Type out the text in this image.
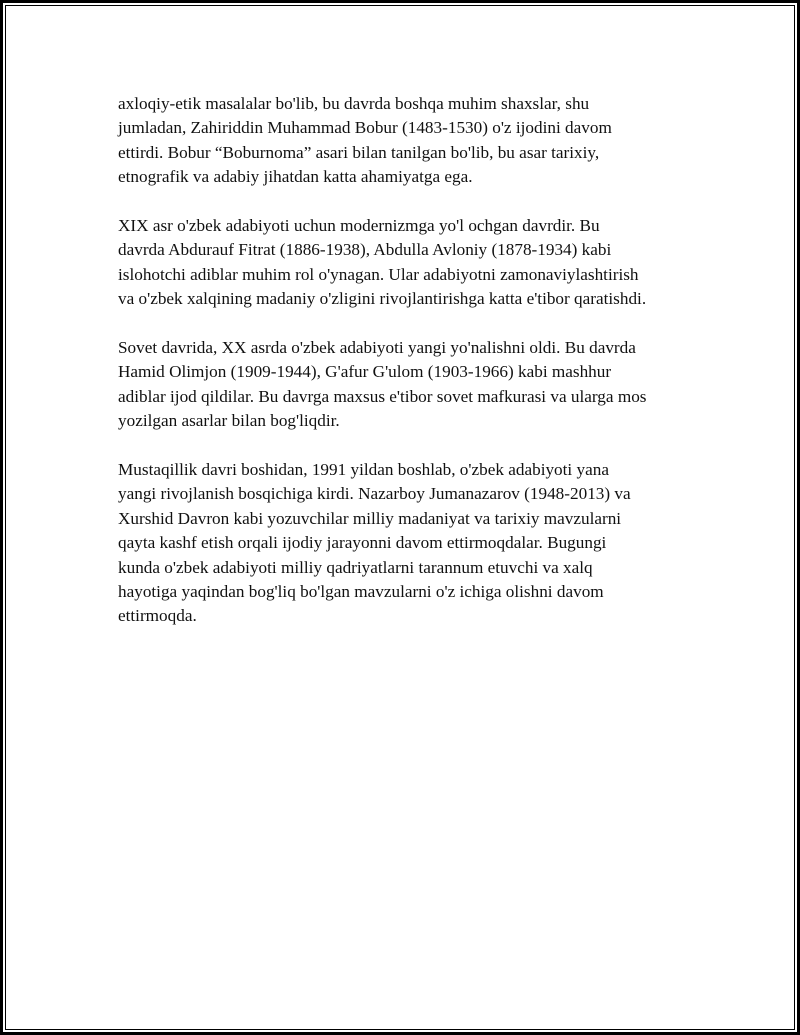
axloqiy-etik masalalar bo'lib, bu davrda boshqa muhim shaxslar, shu
jumladan, Zahiriddin Muhammad Bobur (1483-1530) o'z ijodini davom
ettirdi. Bobur “Boburnoma” asari bilan tanilgan bo'lib, bu asar tarixiy,
etnografik va adabiy jihatdan katta ahamiyatga ega.

XIX asr o'zbek adabiyoti uchun modernizmga yo'l ochgan davrdir. Bu
davrda Abdurauf Fitrat (1886-1938), Abdulla Avloniy (1878-1934) kabi
islohotchi adiblar muhim rol o'ynagan. Ular adabiyotni zamonaviylashtirish
va o'zbek xalqining madaniy o'zligini rivojlantirishga katta e'tibor qaratishdi.

Sovet davrida, XX asrda o'zbek adabiyoti yangi yo'nalishni oldi. Bu davrda
Hamid Olimjon (1909-1944), G'afur G'ulom (1903-1966) kabi mashhur
adiblar ijod qildilar. Bu davrga maxsus e'tibor sovet mafkurasi va ularga mos
yozilgan asarlar bilan bog'liqdir.

Mustaqillik davri boshidan, 1991 yildan boshlab, o'zbek adabiyoti yana
yangi rivojlanish bosqichiga kirdi. Nazarboy Jumanazarov (1948-2013) va
Xurshid Davron kabi yozuvchilar milliy madaniyat va tarixiy mavzularni
qayta kashf etish orqali ijodiy jarayonni davom ettirmoqdalar. Bugungi
kunda o'zbek adabiyoti milliy qadriyatlarni tarannum etuvchi va xalq
hayotiga yaqindan bog'liq bo'lgan mavzularni o'z ichiga olishni davom
ettirmoqda.
